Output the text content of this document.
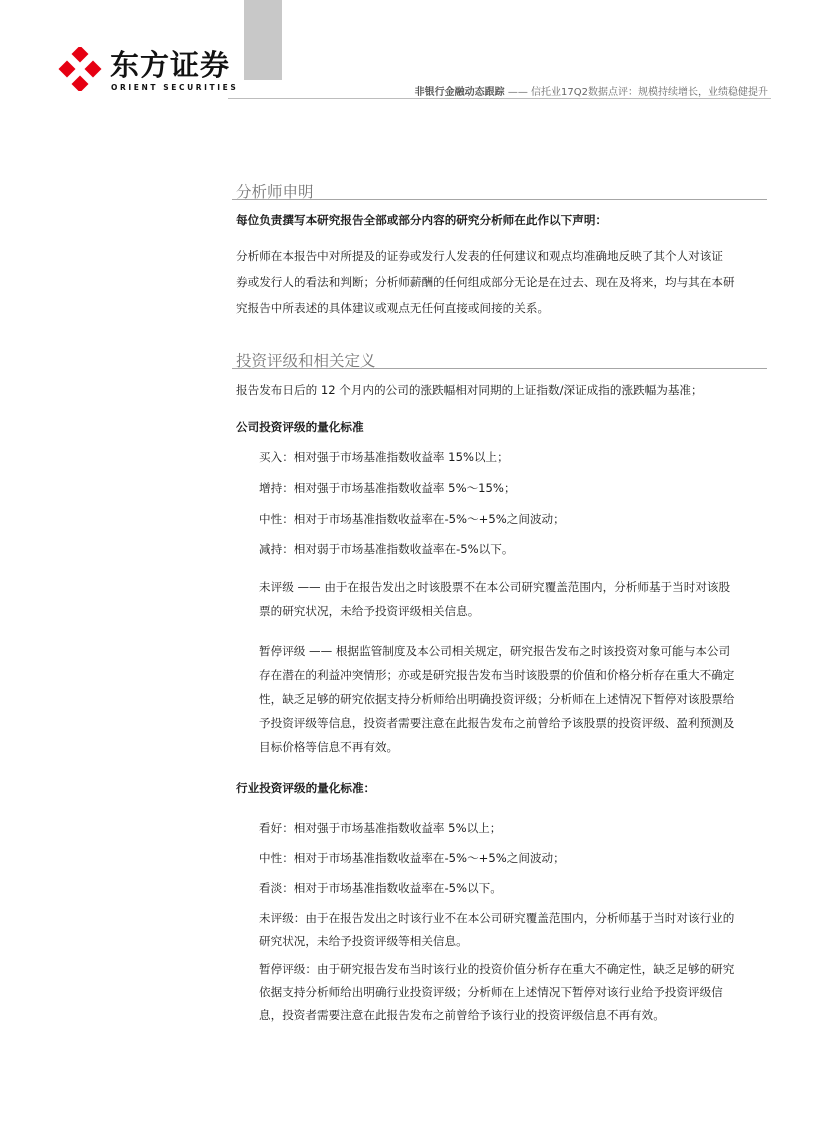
东方证券
ORIENT SECURITIES	非银行金融动态跟踪 —— 信托业17Q2数据点评：规模持续增长，业绩稳健提升
分析师申明
每位负责撰写本研究报告全部或部分内容的研究分析师在此作以下声明：
分析师在本报告中对所提及的证券或发行人发表的任何建议和观点均准确地反映了其个人对该证
券或发行人的看法和判断；分析师薪酬的任何组成部分无论是在过去、现在及将来，均与其在本研
究报告中所表述的具体建议或观点无任何直接或间接的关系。
投资评级和相关定义
报告发布日后的 12 个月内的公司的涨跌幅相对同期的上证指数/深证成指的涨跌幅为基准；
公司投资评级的量化标准
买入：相对强于市场基准指数收益率 15%以上；
增持：相对强于市场基准指数收益率 5%～15%；
中性：相对于市场基准指数收益率在-5%～+5%之间波动；
减持：相对弱于市场基准指数收益率在-5%以下。
未评级 —— 由于在报告发出之时该股票不在本公司研究覆盖范围内，分析师基于当时对该股
票的研究状况，未给予投资评级相关信息。
暂停评级 —— 根据监管制度及本公司相关规定，研究报告发布之时该投资对象可能与本公司
存在潜在的利益冲突情形；亦或是研究报告发布当时该股票的价值和价格分析存在重大不确定
性，缺乏足够的研究依据支持分析师给出明确投资评级；分析师在上述情况下暂停对该股票给
予投资评级等信息，投资者需要注意在此报告发布之前曾给予该股票的投资评级、盈利预测及
目标价格等信息不再有效。
行业投资评级的量化标准：
看好：相对强于市场基准指数收益率 5%以上；
中性：相对于市场基准指数收益率在-5%～+5%之间波动；
看淡：相对于市场基准指数收益率在-5%以下。
未评级：由于在报告发出之时该行业不在本公司研究覆盖范围内，分析师基于当时对该行业的
研究状况，未给予投资评级等相关信息。
暂停评级：由于研究报告发布当时该行业的投资价值分析存在重大不确定性，缺乏足够的研究
依据支持分析师给出明确行业投资评级；分析师在上述情况下暂停对该行业给予投资评级信
息，投资者需要注意在此报告发布之前曾给予该行业的投资评级信息不再有效。
